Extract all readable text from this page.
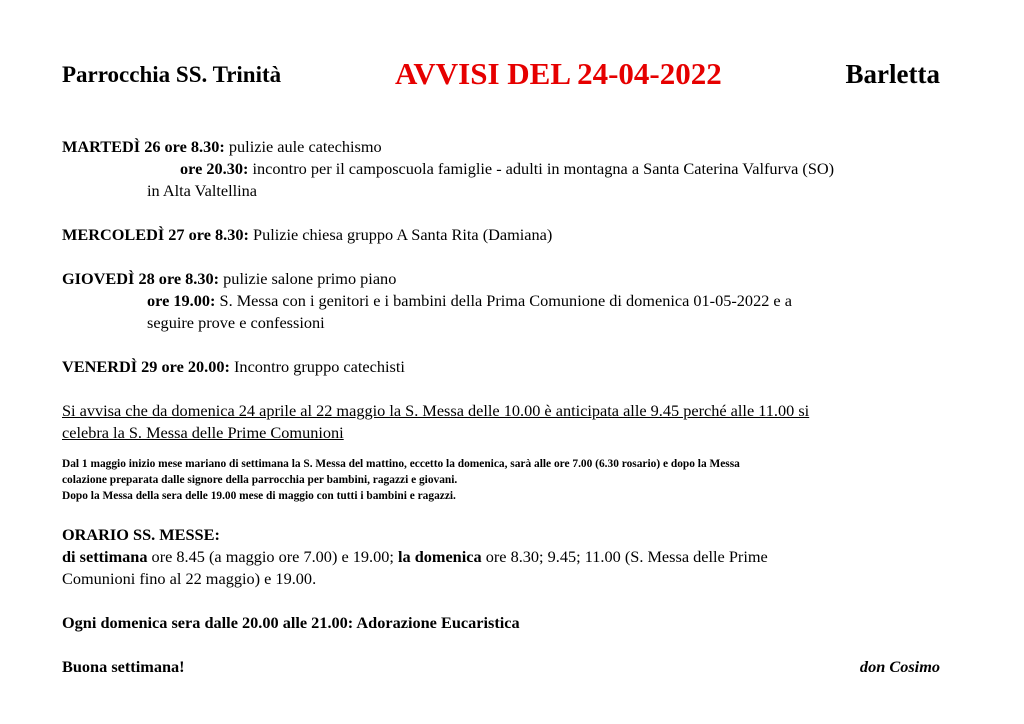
Parrocchia SS. Trinità	AVVISI DEL 24-04-2022	Barletta
MARTEDÌ 26 ore 8.30: pulizie aule catechismo
ore 20.30: incontro per il camposcuola famiglie - adulti in montagna a Santa Caterina Valfurva (SO)
in Alta Valtellina
MERCOLEDÌ 27 ore 8.30: Pulizie chiesa gruppo A Santa Rita (Damiana)
GIOVEDÌ 28 ore 8.30: pulizie salone primo piano
ore 19.00: S. Messa con i genitori e i bambini della Prima Comunione di domenica 01-05-2022 e a
seguire prove e confessioni
VENERDÌ 29 ore 20.00: Incontro gruppo catechisti
Si avvisa che da domenica 24 aprile al 22 maggio la S. Messa delle 10.00 è anticipata alle 9.45 perché alle 11.00 si
celebra la S. Messa delle Prime Comunioni
Dal 1 maggio inizio mese mariano di settimana la S. Messa del mattino, eccetto la domenica, sarà alle ore 7.00 (6.30 rosario) e dopo la Messa
colazione preparata dalle signore della parrocchia per bambini, ragazzi e giovani.
Dopo la Messa della sera delle 19.00 mese di maggio con tutti i bambini e ragazzi.
ORARIO SS. MESSE:
di settimana ore 8.45 (a maggio ore 7.00) e 19.00; la domenica ore 8.30; 9.45; 11.00 (S. Messa delle Prime
Comunioni fino al 22 maggio) e 19.00.
Ogni domenica sera dalle 20.00 alle 21.00: Adorazione Eucaristica
Buona settimana!	don Cosimo
